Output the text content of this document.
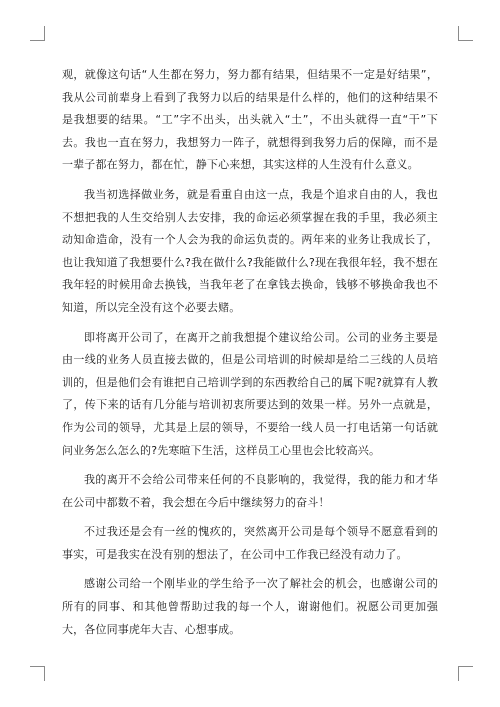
观，就像这句话“人生都在努力，努力都有结果，但结果不一定是好结果”，我从公司前辈身上看到了我努力以后的结果是什么样的，他们的这种结果不是我想要的结果。“工”字不出头，出头就入“土”，不出头就得一直“干”下去。我也一直在努力，我想努力一阵子，就想得到我努力后的保障，而不是一辈子都在努力，都在忙，静下心来想，其实这样的人生没有什么意义。

我当初选择做业务，就是看重自由这一点，我是个追求自由的人，我也不想把我的人生交给别人去安排，我的命运必须掌握在我的手里，我必须主动知命造命，没有一个人会为我的命运负责的。两年来的业务让我成长了，也让我知道了我想要什么?我在做什么?我能做什么?现在我很年轻，我不想在我年轻的时候用命去换钱，当我年老了在拿钱去换命，钱够不够换命我也不知道，所以完全没有这个必要去赌。

即将离开公司了，在离开之前我想提个建议给公司。公司的业务主要是由一线的业务人员直接去做的，但是公司培训的时候却是给二三线的人员培训的，但是他们会有谁把自己培训学到的东西教给自己的属下呢?就算有人教了，传下来的话有几分能与培训初衷所要达到的效果一样。另外一点就是，作为公司的领导，尤其是上层的领导，不要给一线人员一打电话第一句话就问业务怎么怎么的?先寒暄下生活，这样员工心里也会比较高兴。

我的离开不会给公司带来任何的不良影响的，我觉得，我的能力和才华在公司中都数不着，我会想在今后中继续努力的奋斗！

不过我还是会有一丝的愧疚的，突然离开公司是每个领导不愿意看到的事实，可是我实在没有别的想法了，在公司中工作我已经没有动力了。

感谢公司给一个刚毕业的学生给予一次了解社会的机会，也感谢公司的所有的同事、和其他曾帮助过我的每一个人，谢谢他们。祝愿公司更加强大，各位同事虎年大吉、心想事成。
